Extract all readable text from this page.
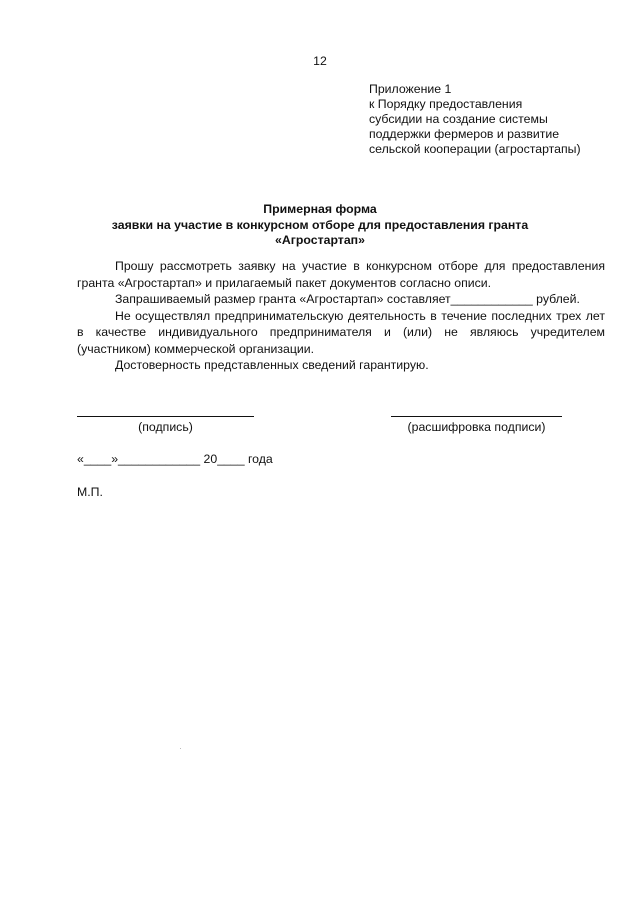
12
Приложение 1
к Порядку предоставления
субсидии на создание системы
поддержки фермеров и развитие
сельской кооперации (агростартапы)
Примерная форма
заявки на участие в конкурсном отборе для предоставления гранта
«Агростартап»

Прошу рассмотреть заявку на участие в конкурсном отборе для предоставления гранта «Агростартап» и прилагаемый пакет документов согласно описи.

Запрашиваемый размер гранта «Агростартап» составляет____________ рублей.

Не осуществлял предпринимательскую деятельность в течение последних трех лет в качестве индивидуального предпринимателя и (или) не являюсь учредителем (участником) коммерческой организации.

Достоверность представленных сведений гарантирую.

(подпись)	(расшифровка подписи)
«____»____________ 20____ года
М.П.
